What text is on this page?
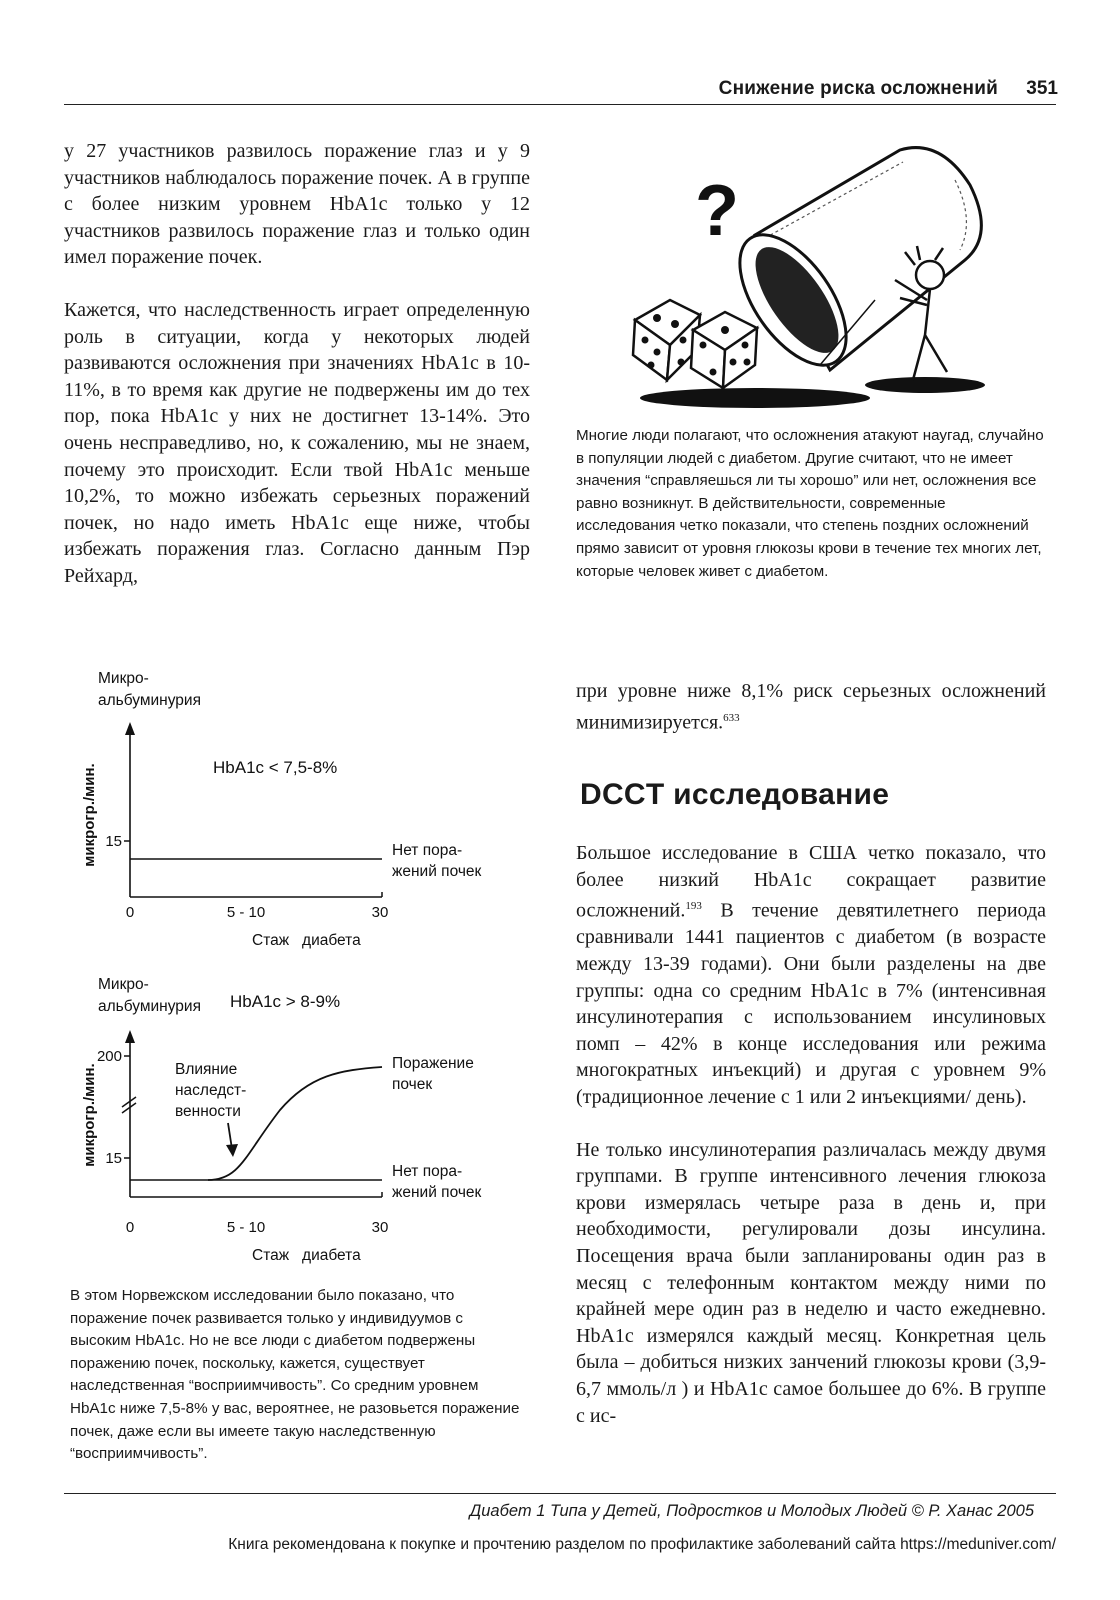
Снижение риска осложнений 351

у 27 участников развилось поражение глаз и у 9 участников наблюдалось поражение почек. А в группе с более низким уровнем HbA1c только у 12 участников развилось поражение глаз и только один имел поражение почек.

Кажется, что наследственность играет определенную роль в ситуации, когда у некоторых людей развиваются осложнения при значениях HbA1c в 10-11%, в то время как другие не подвержены им до тех пор, пока HbA1c у них не достигнет 13-14%. Это очень несправедливо, но, к сожалению, мы не знаем, почему это происходит. Если твой HbA1c меньше 10,2%, то можно избежать серьезных поражений почек, но надо иметь HbA1c еще ниже, чтобы избежать поражения глаз. Согласно данным Пэр Рейхард,

?

Многие люди полагают, что осложнения атакуют наугад, случайно в популяции людей с диабетом. Другие считают, что не имеет значения “справляешься ли ты хорошо” или нет, осложнения все равно возникнут. В действительности, современные исследования четко показали, что степень поздних осложнений прямо зависит от уровня глюкозы крови в течение тех многих лет, которые человек живет с диабетом.

Микро-
альбуминурия
микрогр./мин. 15
HbA1c < 7,5-8%
Нет пора-
жений почек
0	5 - 10	30
Стаж   диабета
Микро-
альбуминурия HbA1c > 8-9%
микрогр./мин.
200
15
Влияние
наследст-
венности
Поражение
почек
Нет пора-
жений почек
0	5 - 10	30
Стаж   диабета

В этом Норвежском исследовании было показано, что поражение почек развивается только у индивидуумов с высоким HbA1c. Но не все люди с диабетом подвержены поражению почек, поскольку, кажется, существует наследственная “восприимчивость”. Со средним уровнем HbA1c ниже 7,5-8% у вас, вероятнее, не разовьется поражение почек, даже если вы имеете такую наследственную “восприимчивость”.

при уровне ниже 8,1% риск серьезных осложнений минимизируется.$^{633}$

DCCT исследование

Большое исследование в США четко показало, что более низкий HbA1c сокращает развитие осложнений.$^{193}$ В течение девятилетнего периода сравнивали 1441 пациентов с диабетом (в возрасте между 13-39 годами). Они были разделены на две группы: одна со средним HbA1c в 7% (интенсивная инсулинотерапия с использованием инсулиновых помп – 42% в конце исследования или режима многократных инъекций) и другая с уровнем 9% (традиционное лечение с 1 или 2 инъекциями/ день).

Не только инсулинотерапия различалась между двумя группами. В группе интенсивного лечения глюкоза крови измерялась четыре раза в день и, при необходимости, регулировали дозы инсулина. Посещения врача были запланированы один раз в месяц с телефонным контактом между ними по крайней мере один раз в неделю и часто ежедневно. HbA1c измерялся каждый месяц. Конкретная цель была – добиться низких занчений глюкозы крови (3,9-6,7 ммоль/л ) и HbA1c самое большее до 6%. В группе с ис-

Диабет 1 Типа у Детей, Подростков и Молодых Людей © Р. Ханас 2005
Книга рекомендована к покупке и прочтению разделом по профилактике заболеваний сайта https://meduniver.com/
